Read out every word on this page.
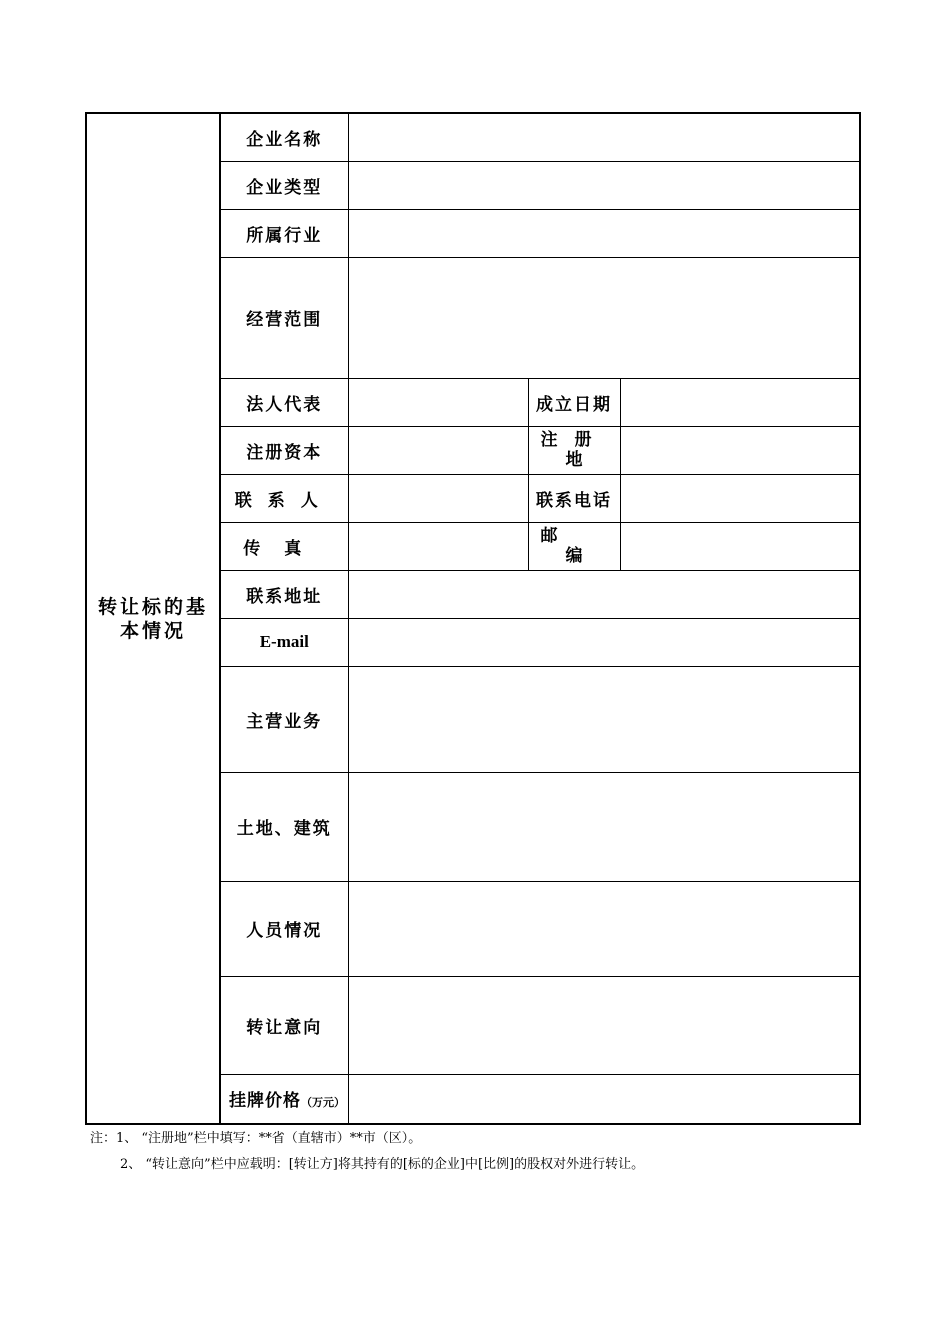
转让标的基本情况	企业名称			
	企业类型			
	所属行业			
	经营范围			
	法人代表		成立日期	
	注册资本		注　册
地	

	联系人		联系电话	
	传真		邮
编	

	联系地址			
	E-mail			
	主营业务			
	土地、建筑			
	人员情况			
	转让意向			
	挂牌价格（万元）			
注：1、 “注册地”栏中填写：**省（直辖市）**市（区）。
2、 “转让意向”栏中应载明：[转让方]将其持有的[标的企业]中[比例]的股权对外进行转让。
